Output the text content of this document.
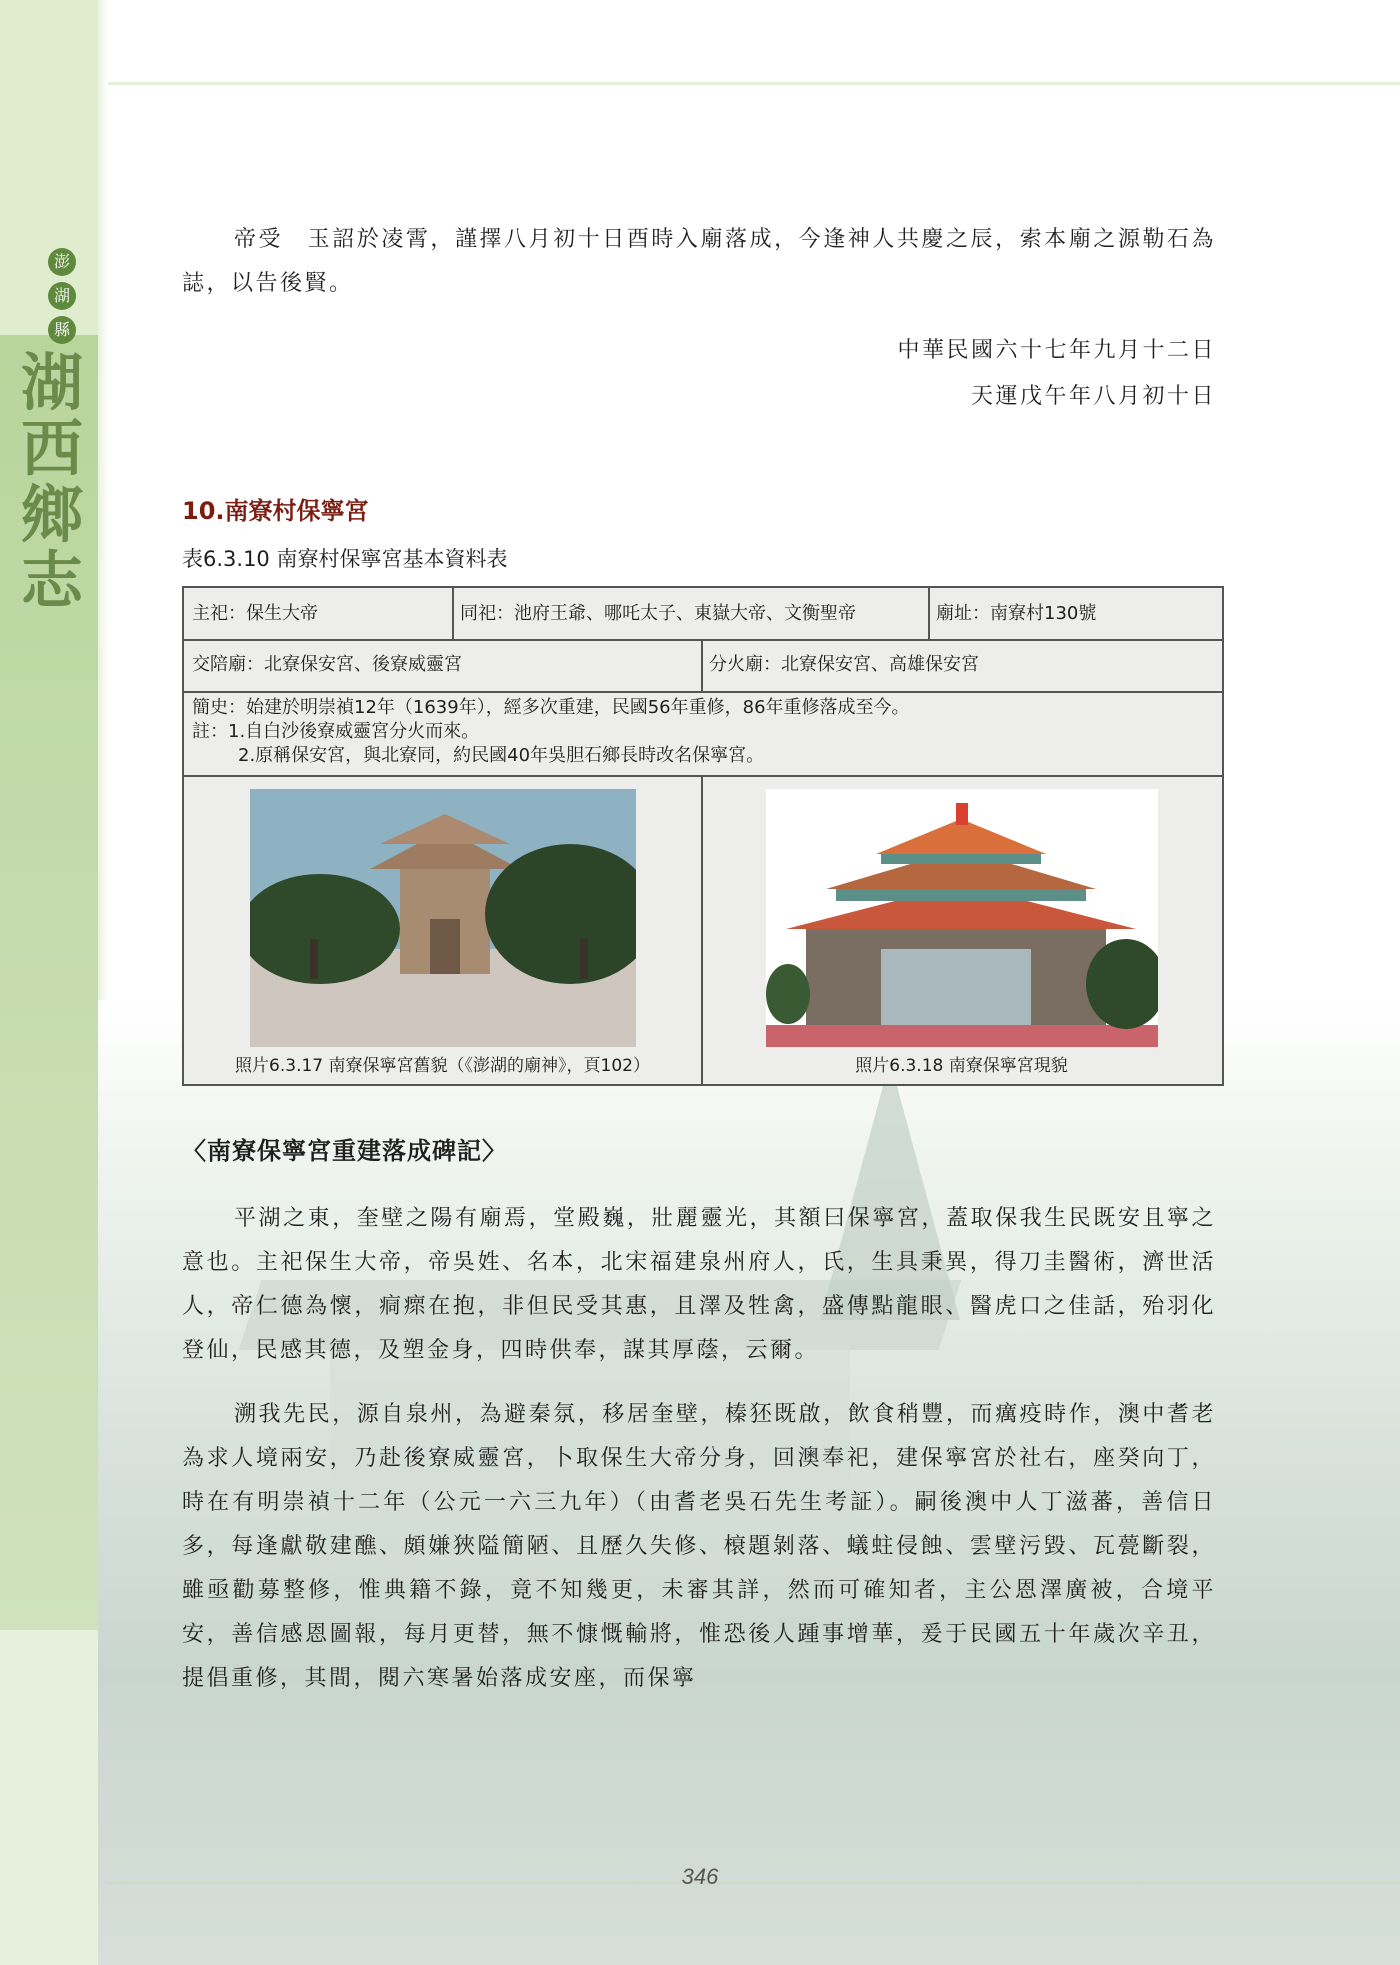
澎
湖
縣
湖
西
鄉
志

帝受　玉詔於凌霄，謹擇八月初十日酉時入廟落成，今逢神人共慶之辰，索本廟之源勒石為誌，以告後賢。

中華民國六十七年九月十二日

天運戊午年八月初十日

10.南寮村保寧宮

表6.3.10 南寮村保寧宮基本資料表

主祀：保生大帝	同祀：池府王爺、哪吒太子、東嶽大帝、文衡聖帝	廟址：南寮村130號
交陪廟：北寮保安宮、後寮威靈宮	分火廟：北寮保安宮、高雄保安宮
簡史：始建於明崇禎12年（1639年），經多次重建，民國56年重修，86年重修落成至今。
註：1.自白沙後寮威靈宮分火而來。
2.原稱保安宮，與北寮同，約民國40年吳胆石鄉長時改名保寧宮。
照片6.3.17 南寮保寧宮舊貌（《澎湖的廟神》，頁102）	照片6.3.18 南寮保寧宮現貌
〈南寮保寧宮重建落成碑記〉

平湖之東，奎壁之陽有廟焉，堂殿巍，壯麗靈光，其額曰保寧宮，蓋取保我生民既安且寧之意也。主祀保生大帝，帝吳姓、名本，北宋福建泉州府人，氏，生具秉異，得刀圭醫術，濟世活人，帝仁德為懷，痌瘝在抱，非但民受其惠，且澤及牲禽，盛傳點龍眼、醫虎口之佳話，殆羽化登仙，民感其德，及塑金身，四時供奉，謀其厚蔭，云爾。

溯我先民，源自泉州，為避秦氛，移居奎壁，榛狉既啟，飲食稍豐，而癘疫時作，澳中耆老為求人境兩安，乃赴後寮威靈宮，卜取保生大帝分身，回澳奉祀，建保寧宮於社右，座癸向丁，時在有明崇禎十二年（公元一六三九年）（由耆老吳石先生考証）。嗣後澳中人丁滋蕃，善信日多，每逢獻敬建醮、頗嫌狹隘簡陋、且歷久失修、榱題剝落、蟻蛀侵蝕、雲壁污毀、瓦甍斷裂，雖亟勸募整修，惟典籍不錄，竟不知幾更，未審其詳，然而可確知者，主公恩澤廣被，合境平安，善信感恩圖報，每月更替，無不慷慨輸將，惟恐後人踵事增華，爰于民國五十年歲次辛丑，提倡重修，其間，閱六寒暑始落成安座，而保寧

346
